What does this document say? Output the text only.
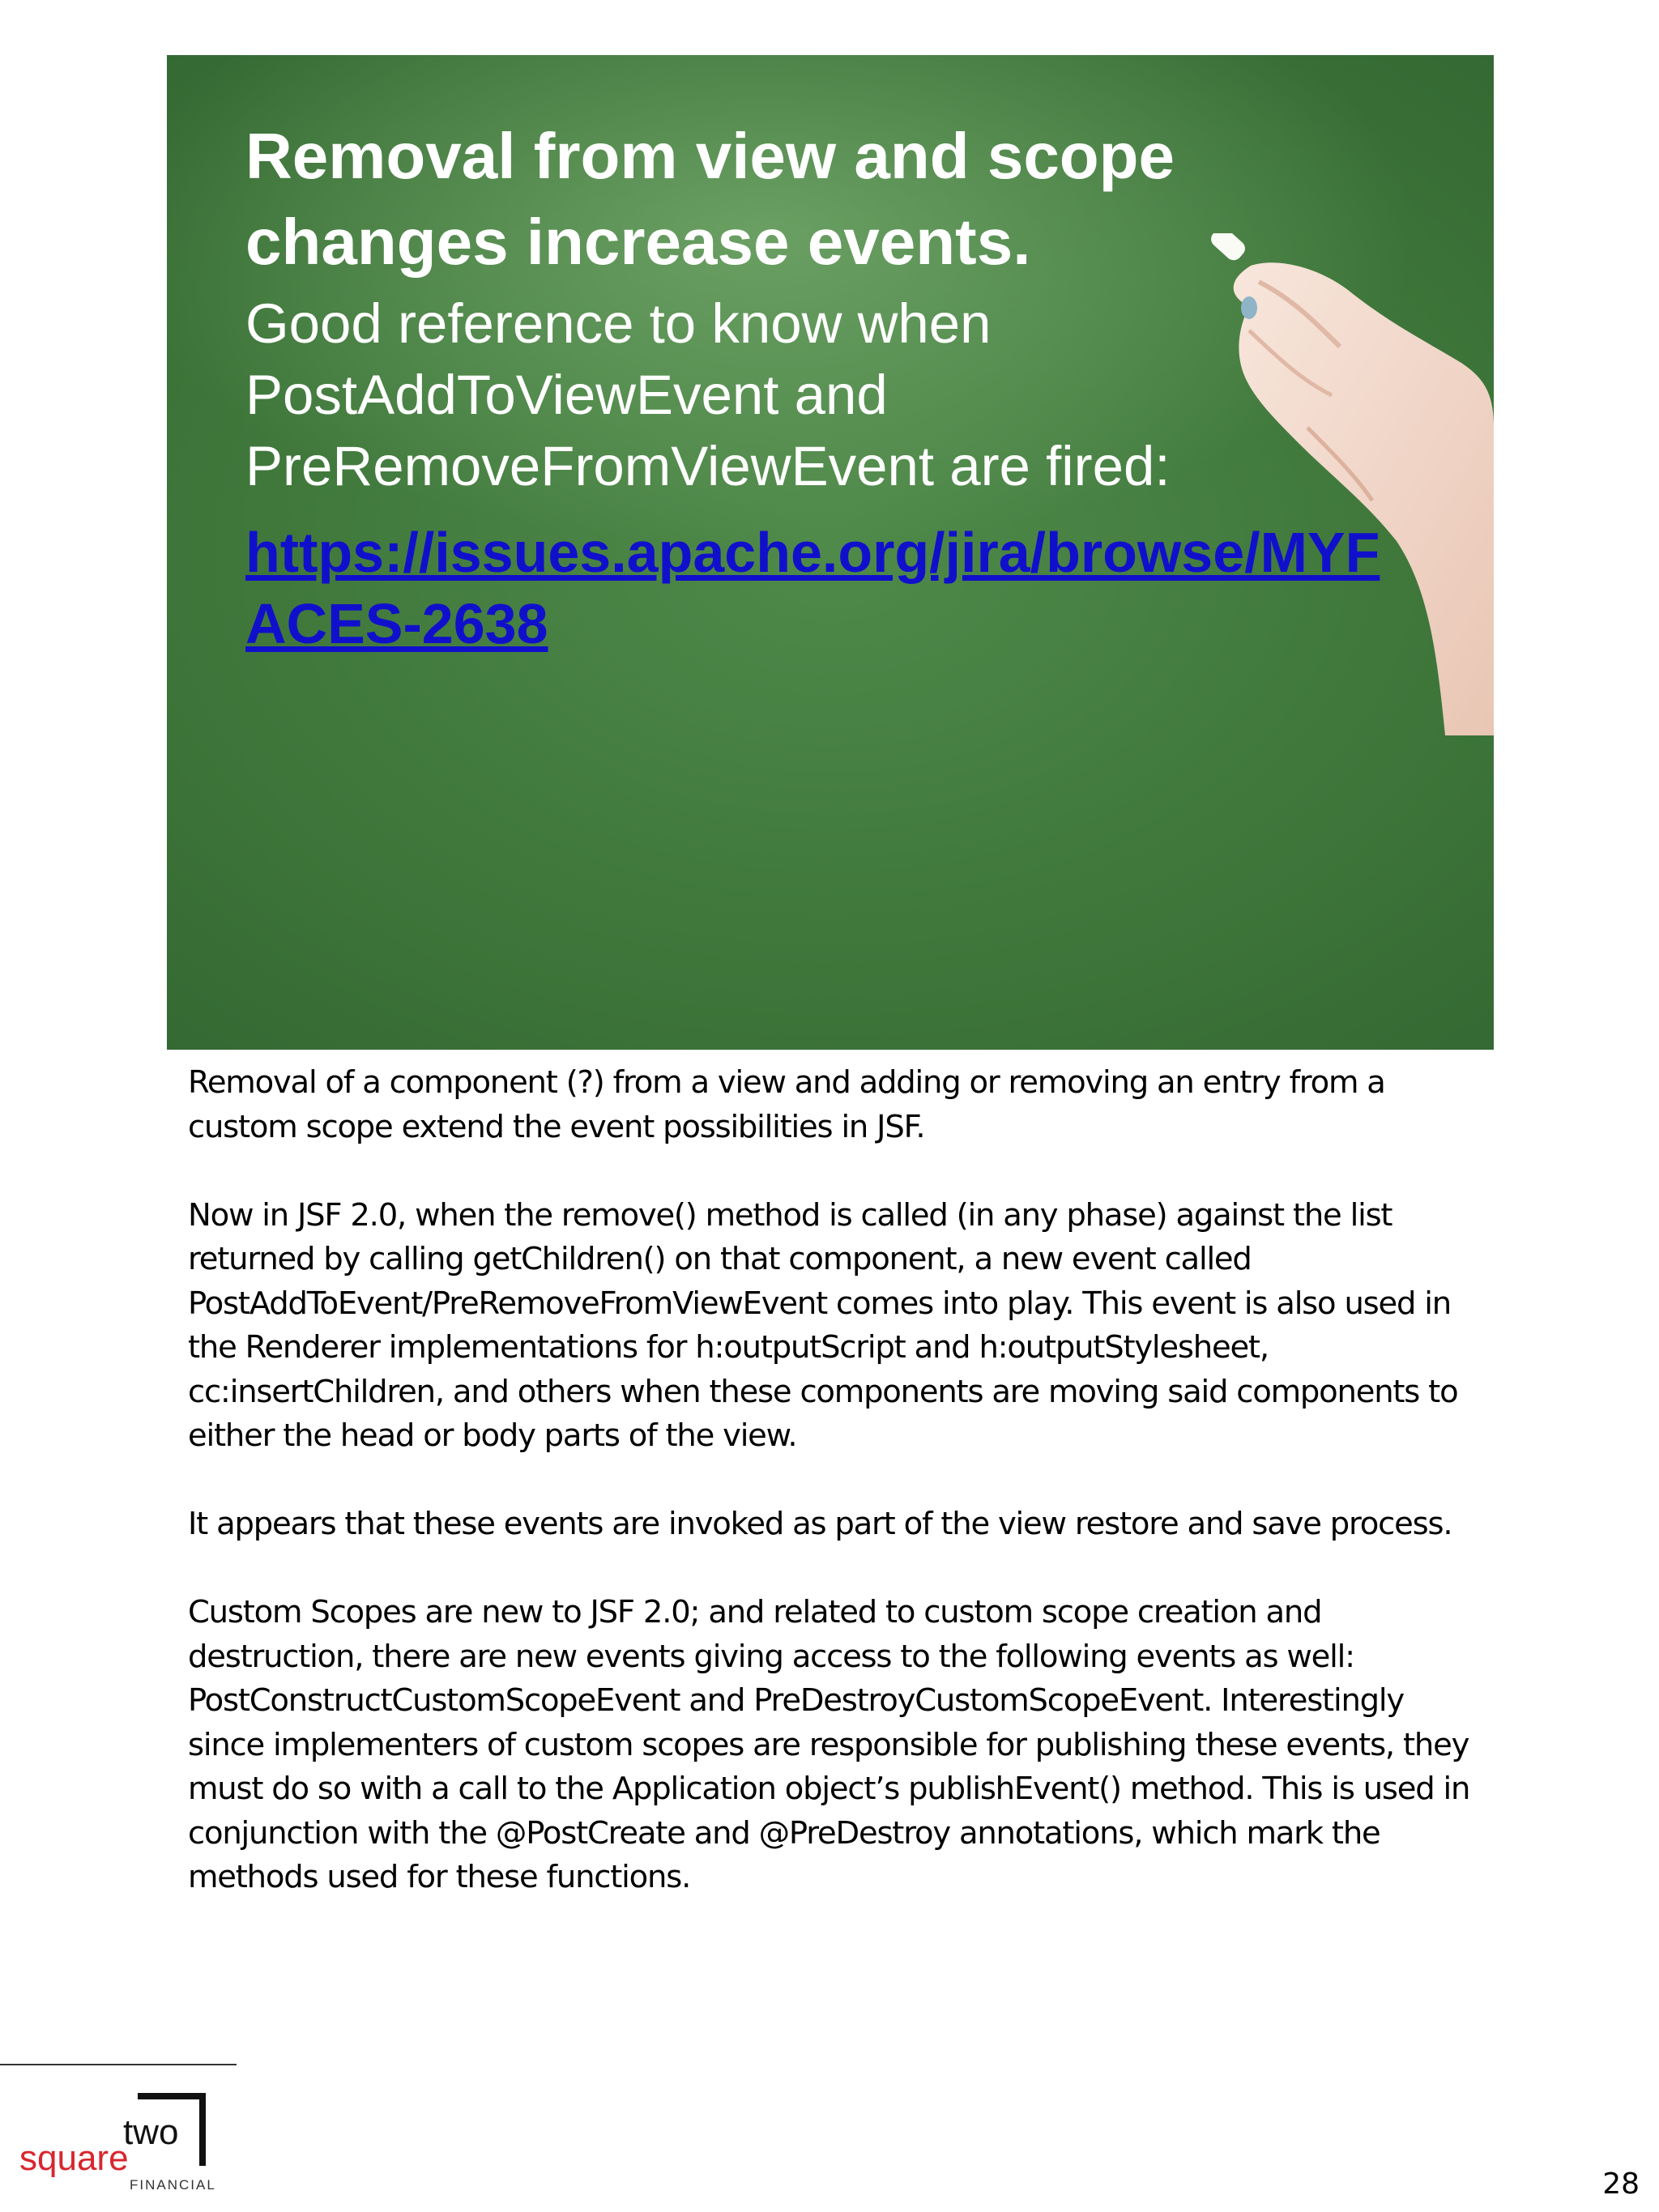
Removal from view and scope
changes increase events.

Good reference to know when PostAddToViewEvent and PreRemoveFromViewEvent are fired:

https://issues.apache.org/jira/browse/MYFACES-2638

Removal of a component (?) from a view and adding or removing an entry from a custom scope extend the event possibilities in JSF.

Now in JSF 2.0, when the remove() method is called (in any phase) against the list returned by calling getChildren() on that component, a new event called PostAddToEvent/PreRemoveFromViewEvent comes into play. This event is also used in the Renderer implementations for h:outputScript and h:outputStylesheet, cc:insertChildren, and others when these components are moving said components to either the head or body parts of the view.

It appears that these events are invoked as part of the view restore and save process.

Custom Scopes are new to JSF 2.0; and related to custom scope creation and destruction, there are new events giving access to the following events as well: PostConstructCustomScopeEvent and PreDestroyCustomScopeEvent. Interestingly since implementers of custom scopes are responsible for publishing these events, they must do so with a call to the Application object’s publishEvent() method. This is used in conjunction with the @PostCreate and @PreDestroy annotations, which mark the methods used for these functions.

square
two
FINANCIAL	28
